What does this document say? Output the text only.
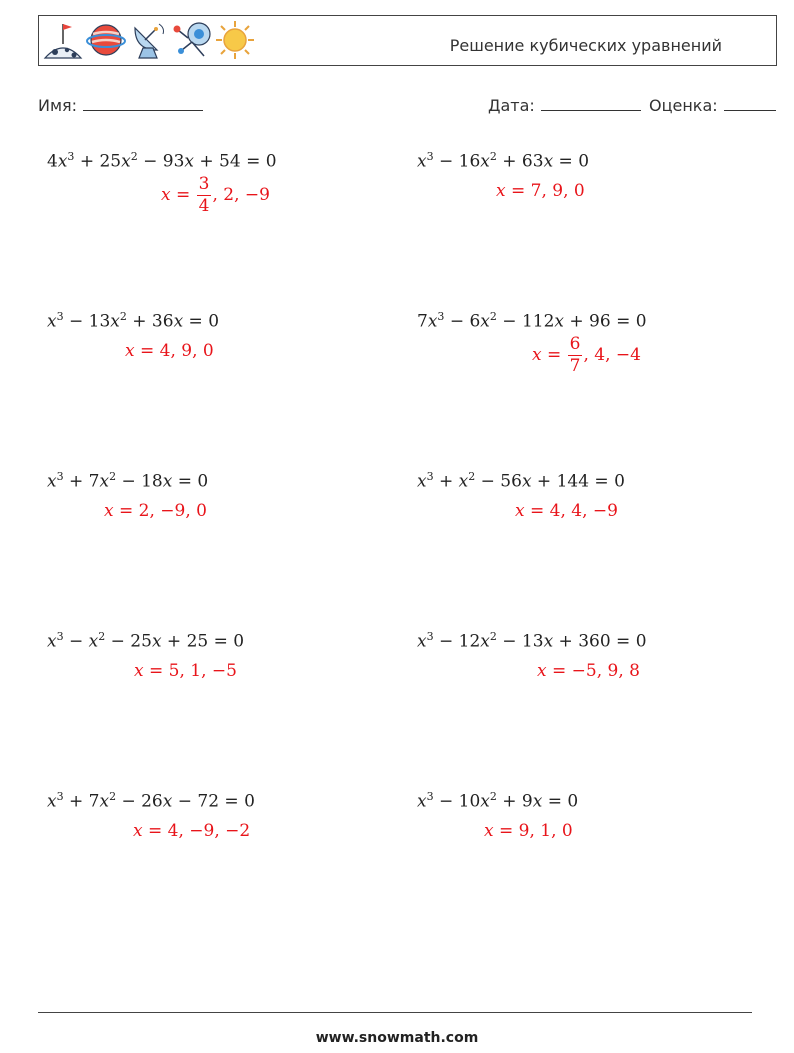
Решение кубических уравнений
Имя:	Дата:	Оценка:
$4x^3 + 25x^2 - 93x + 54 = 0$
$x = \frac{3}{4}$ , 2, −9
$x^3 - 13x^2 + 36x = 0$
x = 4, 9, 0
$x^3 + 7x^2 - 18x = 0$
x = 2, −9, 0
$x^3 - x^2 - 25x + 25 = 0$
x = 5, 1, −5
$x^3 + 7x^2 - 26x - 72 = 0$
x = 4, −9, −2
$x^3 - 16x^2 + 63x = 0$
x = 7, 9, 0
$7x^3 - 6x^2 - 112x + 96 = 0$
$x = \frac{6}{7}$ , 4, −4
$x^3 + x^2 - 56x + 144 = 0$
x = 4, 4, −9
$x^3 - 12x^2 - 13x + 360 = 0$
x = −5, 9, 8
$x^3 - 10x^2 + 9x = 0$
x = 9, 1, 0
www.snowmath.com
